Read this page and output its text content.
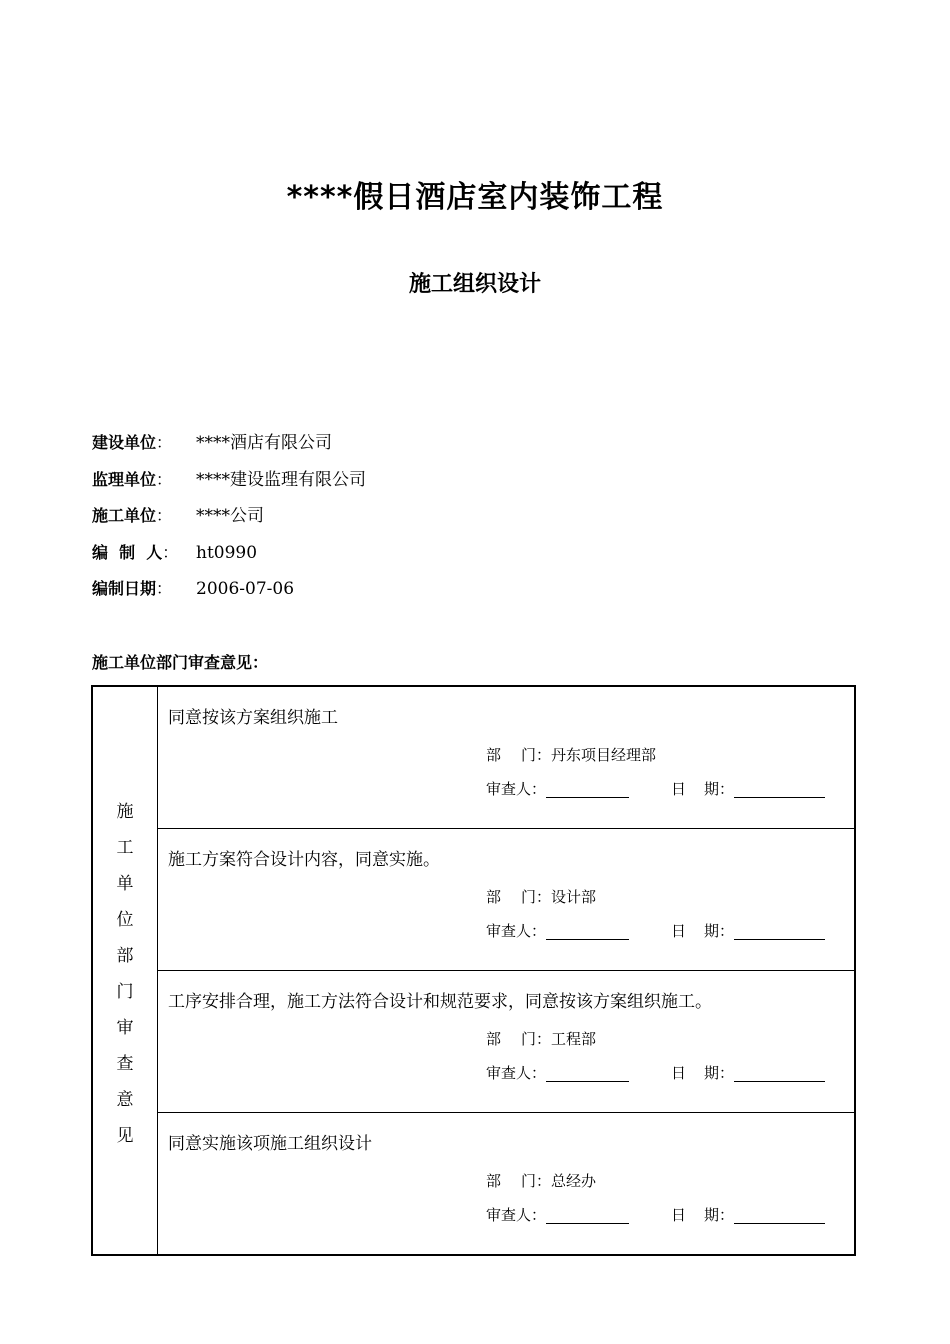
****假日酒店室内装饰工程
施工组织设计
建设单位： ****酒店有限公司
监理单位： ****建设监理有限公司
施工单位： ****公司
编  制  人： ht0990
编制日期： 2006-07-06
施工单位部门审查意见：
施工单位部门审查意见
同意按该方案组织施工
部 门：丹东项目经理部
审查人：	日 期：
施工方案符合设计内容，同意实施。
部 门：设计部
审查人：	日 期：
工序安排合理，施工方法符合设计和规范要求，同意按该方案组织施工。
部 门：工程部
审查人：	日 期：
同意实施该项施工组织设计
部 门：总经办
审查人：	日 期：
